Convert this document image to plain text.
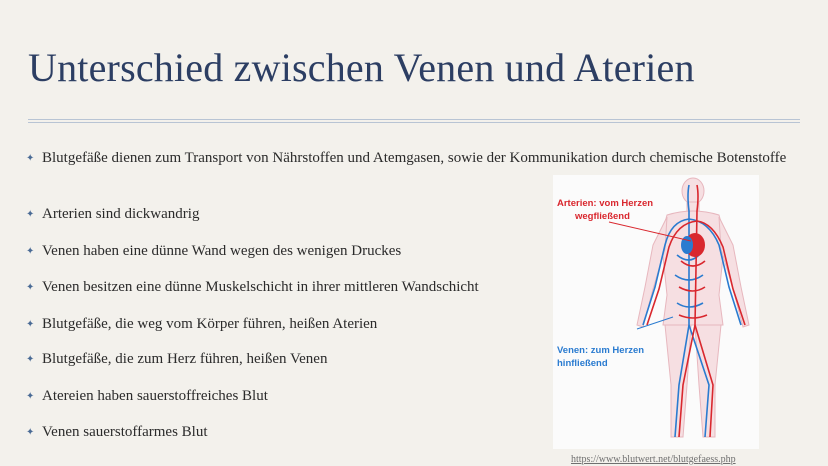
Unterschied zwischen Venen und Aterien
✦ Blutgefäße dienen zum Transport von Nährstoffen und Atemgasen, sowie der Kommunikation durch chemische Botenstoffe
✦ Arterien sind dickwandrig
✦ Venen haben eine dünne Wand wegen des wenigen Druckes
✦ Venen besitzen eine dünne Muskelschicht in ihrer mittleren Wandschicht
✦ Blutgefäße, die weg vom Körper führen, heißen Aterien
✦ Blutgefäße, die zum Herz führen, heißen Venen
✦ Atereien haben sauerstoffreiches Blut
✦ Venen sauerstoffarmes Blut
Arterien: vom Herzen
wegfließend
Venen: zum Herzen
hinfließend
https://www.blutwert.net/blutgefaess.php
